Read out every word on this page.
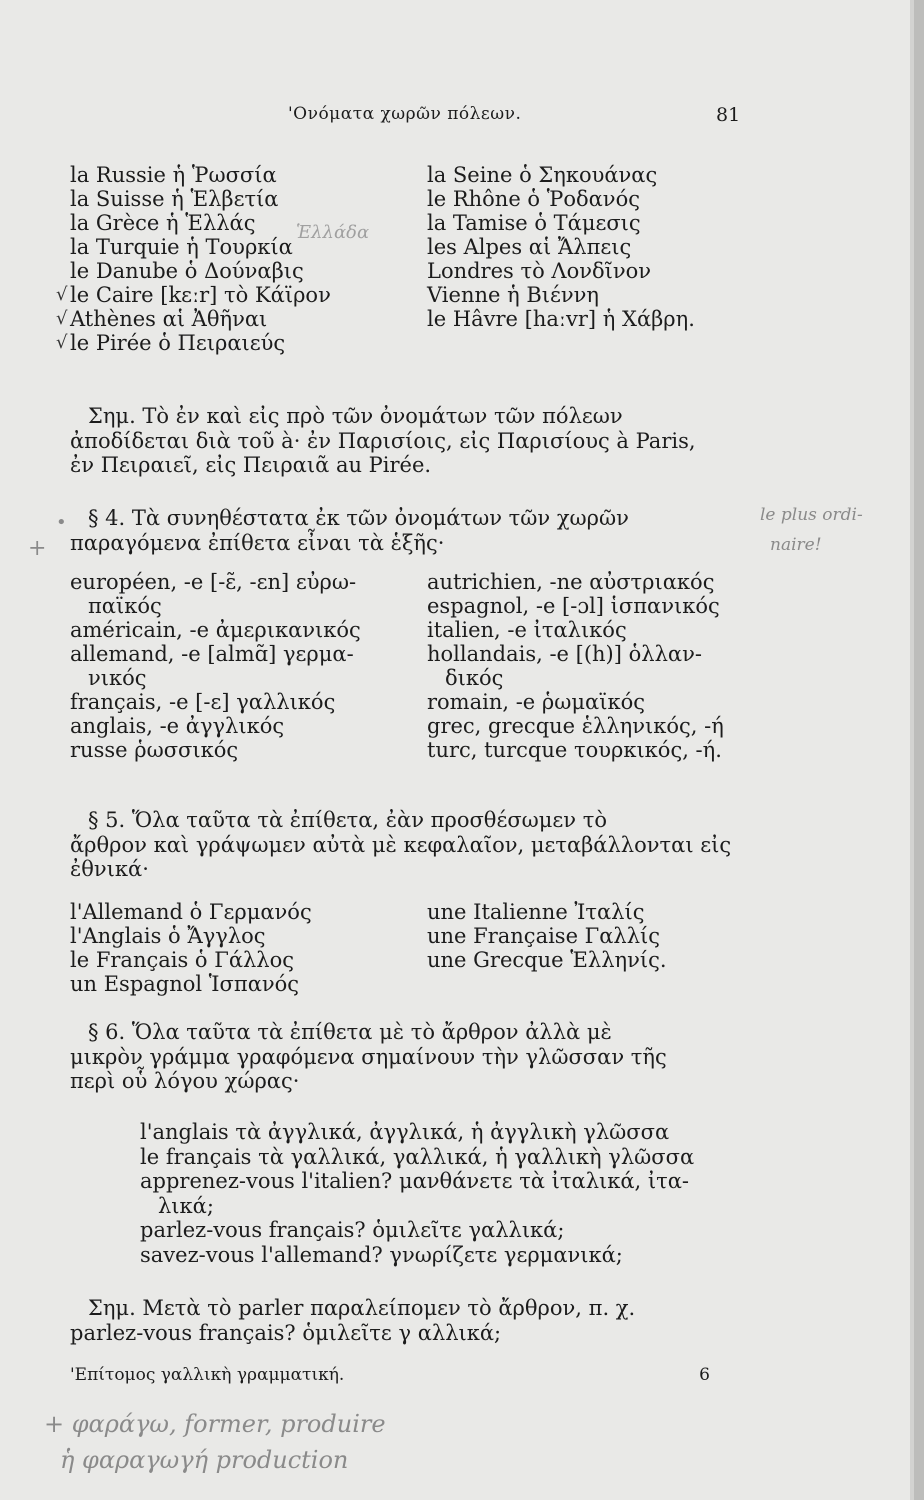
'Ονόματα χωρῶν πόλεων.	81
la Russie ἡ Ῥωσσία
la Suisse ἡ Ἑλβετία
la Grèce ἡ Ἑλλάς
la Turquie ἡ Τουρκία
le Danube ὁ Δούναβις
le Caire [kɛːr] τὸ Κάϊρον
Athènes αἱ Ἀθῆναι
le Pirée ὁ Πειραιεύς
la Seine ὁ Σηκουάνας
le Rhône ὁ Ῥοδανός
la Tamise ὁ Τάμεσις
les Alpes αἱ Ἄλπεις
Londres τὸ Λονδῖνον
Vienne ἡ Βιέννη
le Hâvre [haːvr] ἡ Χάβρη.
√
√
√
Σημ. Τὸ ἐν καὶ εἰς πρὸ τῶν ὀνομάτων τῶν πόλεων
ἀποδίδεται διὰ τοῦ à· ἐν Παρισίοις, εἰς Παρισίους à Paris,
ἐν Πειραιεῖ, εἰς Πειραιᾶ au Pirée.
§ 4. Τὰ συνηθέστατα ἐκ τῶν ὀνομάτων τῶν χωρῶν
παραγόμενα ἐπίθετα εἶναι τὰ ἑξῆς·
européen, -e [-ɛ̃, -ɛn] εὐρω-
παϊκός
américain, -e ἀμερικανικός
allemand, -e [almɑ̃] γερμα-
νικός
français, -e [-ɛ] γαλλικός
anglais, -e ἀγγλικός
russe ῥωσσικός
autrichien, -ne αὐστριακός
espagnol, -e [-ɔl] ἱσπανικός
italien, -e ἰταλικός
hollandais, -e [(h)] ὁλλαν-
δικός
romain, -e ῥωμαϊκός
grec, grecque ἑλληνικός, -ή
turc, turcque τουρκικός, -ή.
§ 5. Ὅλα ταῦτα τὰ ἐπίθετα, ἐὰν προσθέσωμεν τὸ
ἄρθρον καὶ γράψωμεν αὐτὰ μὲ κεφαλαῖον, μεταβάλλονται εἰς
ἐθνικά·
l'Allemand ὁ Γερμανός
l'Anglais ὁ Ἄγγλος
le Français ὁ Γάλλος
un Espagnol Ἱσπανός
une Italienne Ἰταλίς
une Française Γαλλίς
une Grecque Ἑλληνίς.
§ 6. Ὅλα ταῦτα τὰ ἐπίθετα μὲ τὸ ἄρθρον ἀλλὰ μὲ
μικρὸν γράμμα γραφόμενα σημαίνουν τὴν γλῶσσαν τῆς
περὶ οὗ λόγου χώρας·
l'anglais τὰ ἀγγλικά, ἀγγλικά, ἡ ἀγγλικὴ γλῶσσα
le français τὰ γαλλικά, γαλλικά, ἡ γαλλικὴ γλῶσσα
apprenez-vous l'italien? μανθάνετε τὰ ἰταλικά, ἰτα-
λικά;
parlez-vous français? ὁμιλεῖτε γαλλικά;
savez-vous l'allemand? γνωρίζετε γερμανικά;
Σημ. Μετὰ τὸ parler παραλείπομεν τὸ ἄρθρον, π. χ.
parlez-vous français? ὁμιλεῖτε γ αλλικά;
'Επίτομος γαλλικὴ γραμματική.	6
Ἑλλάδα
le plus ordi-
naire!
+
•
+ φαράγω, former, produire
ἡ φαραγωγή production
